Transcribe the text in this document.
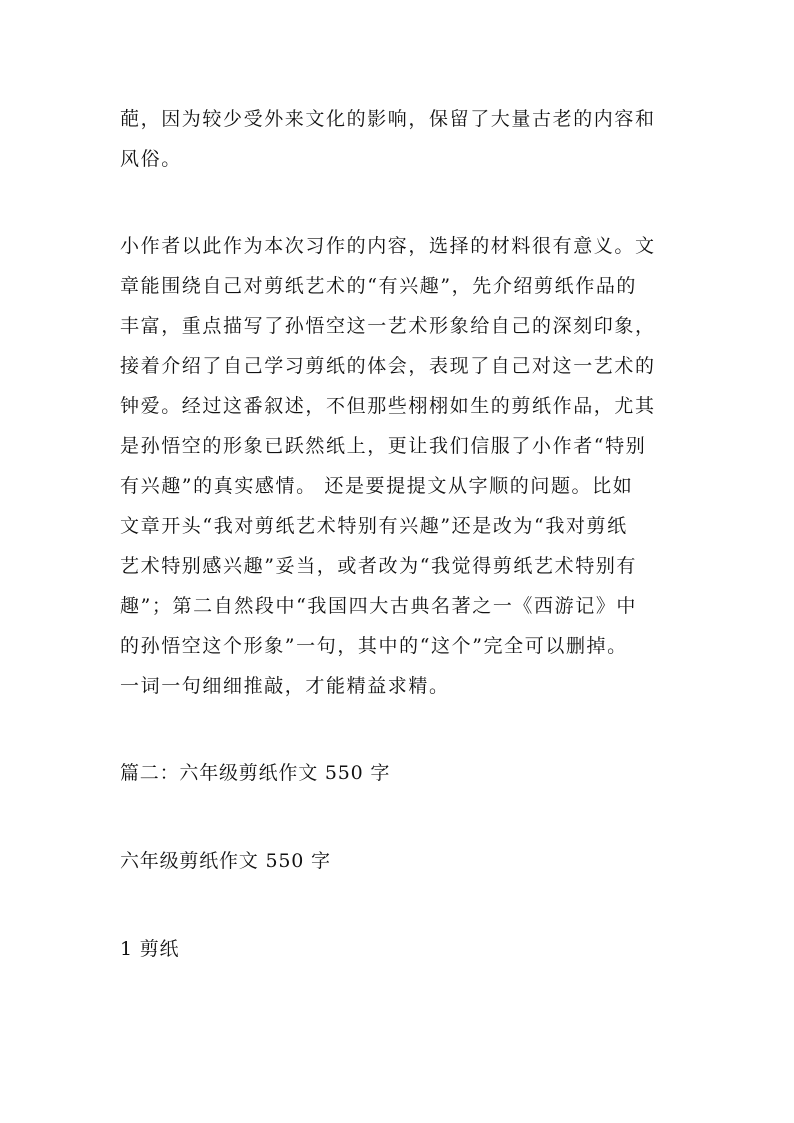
葩，因为较少受外来文化的影响，保留了大量古老的内容和
风俗。
小作者以此作为本次习作的内容，选择的材料很有意义。文
章能围绕自己对剪纸艺术的“有兴趣”，先介绍剪纸作品的
丰富，重点描写了孙悟空这一艺术形象给自己的深刻印象，
接着介绍了自己学习剪纸的体会，表现了自己对这一艺术的
钟爱。经过这番叙述，不但那些栩栩如生的剪纸作品，尤其
是孙悟空的形象已跃然纸上，更让我们信服了小作者“特别
有兴趣”的真实感情。 还是要提提文从字顺的问题。比如
文章开头“我对剪纸艺术特别有兴趣”还是改为“我对剪纸
艺术特别感兴趣”妥当，或者改为“我觉得剪纸艺术特别有
趣”；第二自然段中“我国四大古典名著之一《西游记》中
的孙悟空这个形象”一句，其中的“这个”完全可以删掉。
一词一句细细推敲，才能精益求精。
篇二：六年级剪纸作文 550 字
六年级剪纸作文 550 字
1 剪纸
